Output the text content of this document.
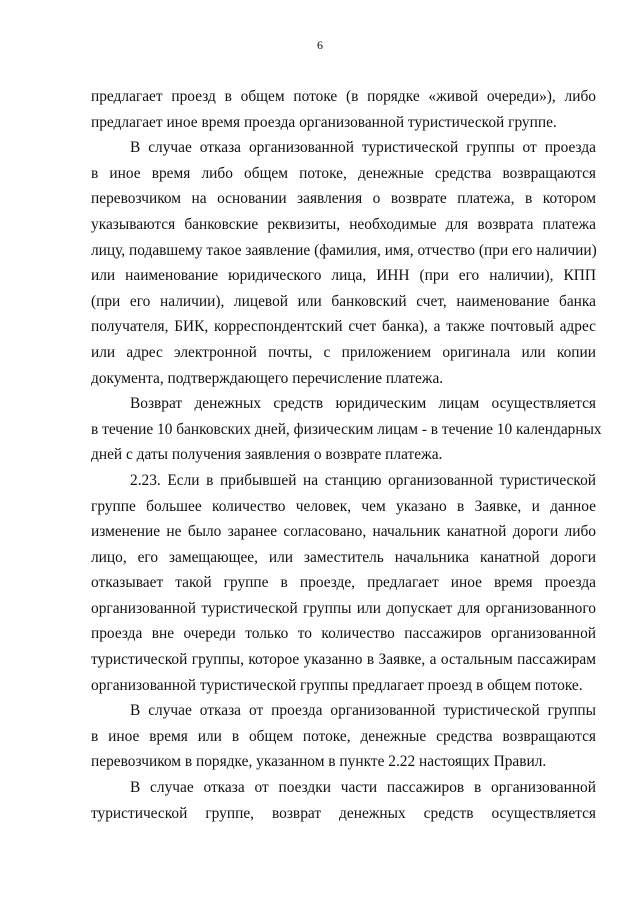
6

предлагает проезд в общем потоке (в порядке «живой очереди»), либо
предлагает иное время проезда организованной туристической группе.

В случае отказа организованной туристической группы от проезда
в иное время либо общем потоке, денежные средства возвращаются
перевозчиком на основании заявления о возврате платежа, в котором
указываются банковские реквизиты, необходимые для возврата платежа
лицу, подавшему такое заявление (фамилия, имя, отчество (при его наличии)
или наименование юридического лица, ИНН (при его наличии), КПП
(при его наличии), лицевой или банковский счет, наименование банка
получателя, БИК, корреспондентский счет банка), а также почтовый адрес
или адрес электронной почты, с приложением оригинала или копии
документа, подтверждающего перечисление платежа.

Возврат денежных средств юридическим лицам осуществляется
в течение 10 банковских дней, физическим лицам - в течение 10 календарных
дней с даты получения заявления о возврате платежа.

2.23. Если в прибывшей на станцию организованной туристической
группе большее количество человек, чем указано в Заявке, и данное
изменение не было заранее согласовано, начальник канатной дороги либо
лицо, его замещающее, или заместитель начальника канатной дороги
отказывает такой группе в проезде, предлагает иное время проезда
организованной туристической группы или допускает для организованного
проезда вне очереди только то количество пассажиров организованной
туристической группы, которое указанно в Заявке, а остальным пассажирам
организованной туристической группы предлагает проезд в общем потоке.

В случае отказа от проезда организованной туристической группы
в иное время или в общем потоке, денежные средства возвращаются
перевозчиком в порядке, указанном в пункте 2.22 настоящих Правил.

В случае отказа от поездки части пассажиров в организованной
туристической группе, возврат денежных средств осуществляется
